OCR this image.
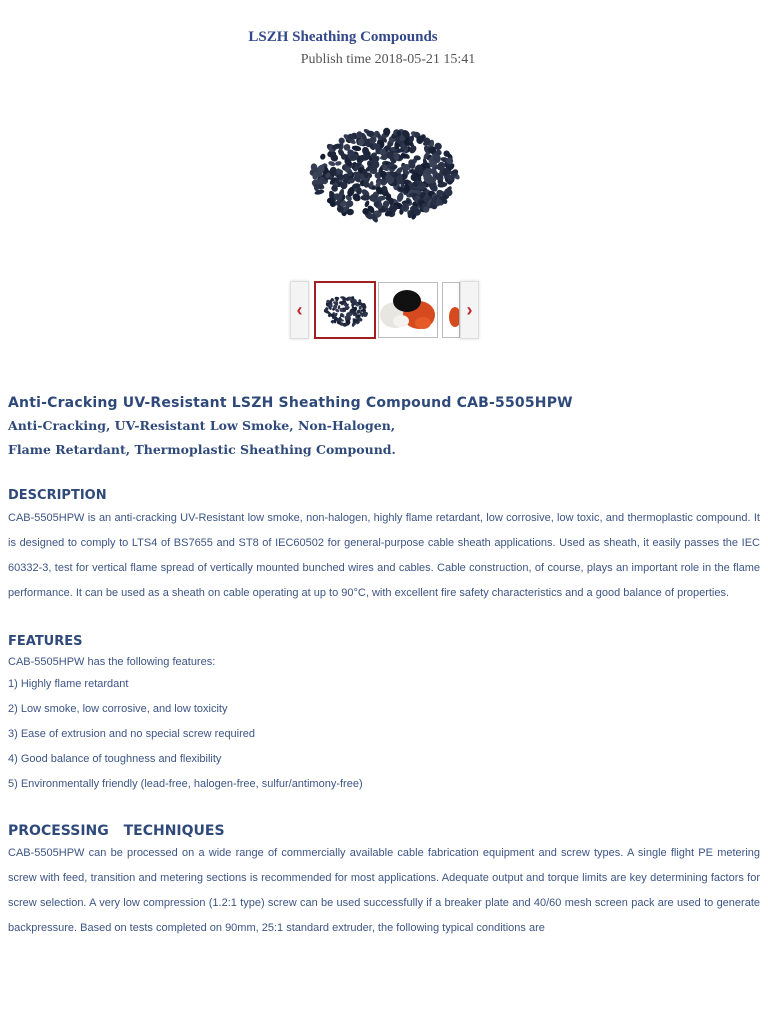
LSZH Sheathing Compounds
Publish time 2018-05-21 15:41
‹	›
Anti-Cracking UV-Resistant LSZH Sheathing Compound CAB-5505HPW

Anti-Cracking, UV-Resistant Low Smoke, Non-Halogen,

Flame Retardant, Thermoplastic Sheathing Compound.

DESCRIPTION

CAB-5505HPW is an anti-cracking UV-Resistant low smoke, non-halogen, highly flame retardant, low corrosive, low toxic, and thermoplastic compound. It is designed to comply to LTS4 of BS7655 and ST8 of IEC60502 for general-purpose cable sheath applications. Used as sheath, it easily passes the IEC 60332-3, test for vertical flame spread of vertically mounted bunched wires and cables. Cable construction, of course, plays an important role in the flame performance. It can be used as a sheath on cable operating at up to 90°C, with excellent fire safety characteristics and a good balance of properties.

FEATURES

CAB-5505HPW has the following features:

1) Highly flame retardant

2) Low smoke, low corrosive, and low toxicity

3) Ease of extrusion and no special screw required

4) Good balance of toughness and flexibility

5) Environmentally friendly (lead-free, halogen-free, sulfur/antimony-free)

PROCESSING TECHNIQUES

CAB-5505HPW can be processed on a wide range of commercially available cable fabrication equipment and screw types. A single flight PE metering screw with feed, transition and metering sections is recommended for most applications. Adequate output and torque limits are key determining factors for screw selection. A very low compression (1.2:1 type) screw can be used successfully if a breaker plate and 40/60 mesh screen pack are used to generate backpressure. Based on tests completed on 90mm, 25:1 standard extruder, the following typical conditions are
